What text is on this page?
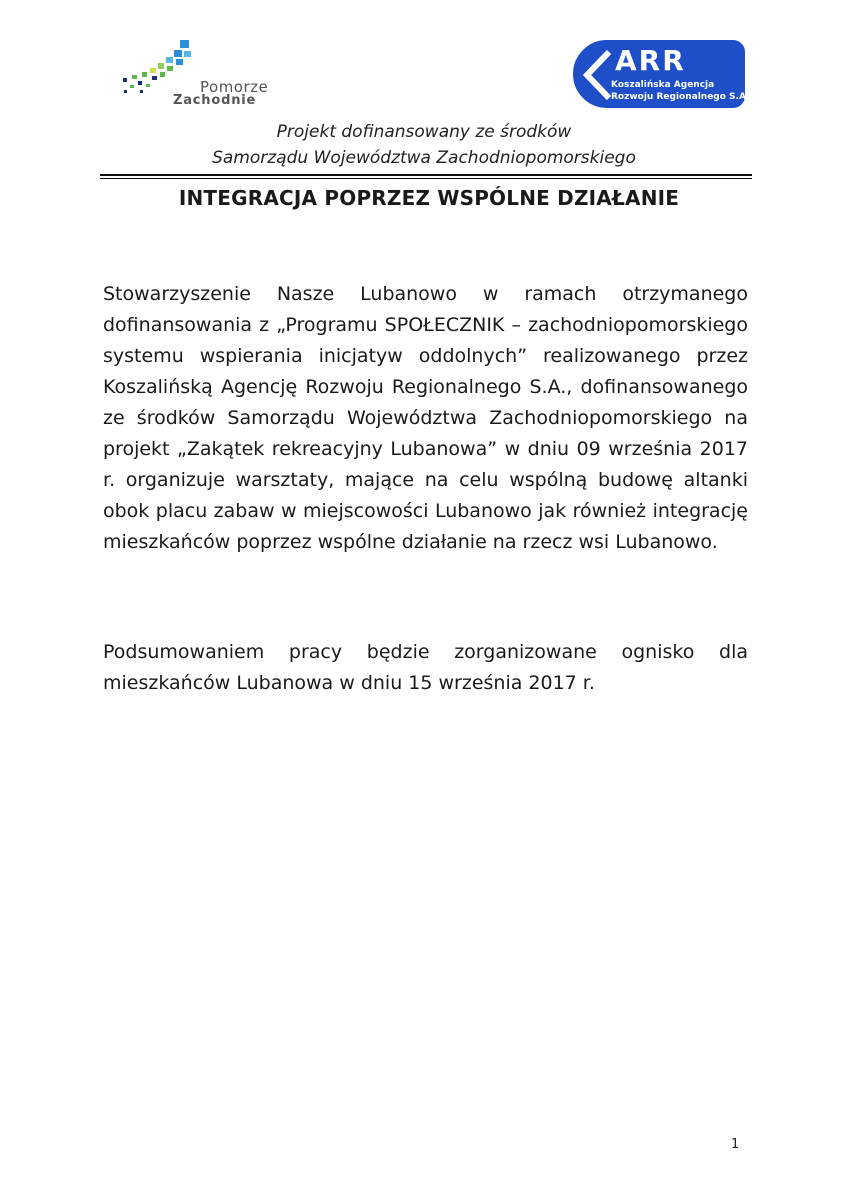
Pomorze
Zachodnie
ARR
Koszalińska Agencja
Rozwoju Regionalnego S.A.
Projekt dofinansowany ze środków
Samorządu Województwa Zachodniopomorskiego
INTEGRACJA POPRZEZ WSPÓLNE DZIAŁANIE
Stowarzyszenie Nasze Lubanowo w ramach otrzymanego dofinansowania z „Programu SPOŁECZNIK – zachodniopomorskiego systemu wspierania inicjatyw oddolnych” realizowanego przez Koszalińską Agencję Rozwoju Regionalnego S.A., dofinansowanego ze środków Samorządu Województwa Zachodniopomorskiego na projekt „Zakątek rekreacyjny Lubanowa” w dniu 09 września 2017 r. organizuje warsztaty, mające na celu wspólną budowę altanki obok placu zabaw w miejscowości Lubanowo jak również integrację mieszkańców poprzez wspólne działanie na rzecz wsi Lubanowo.
Podsumowaniem pracy będzie zorganizowane ognisko dla mieszkańców Lubanowa w dniu 15 września 2017 r.
1
